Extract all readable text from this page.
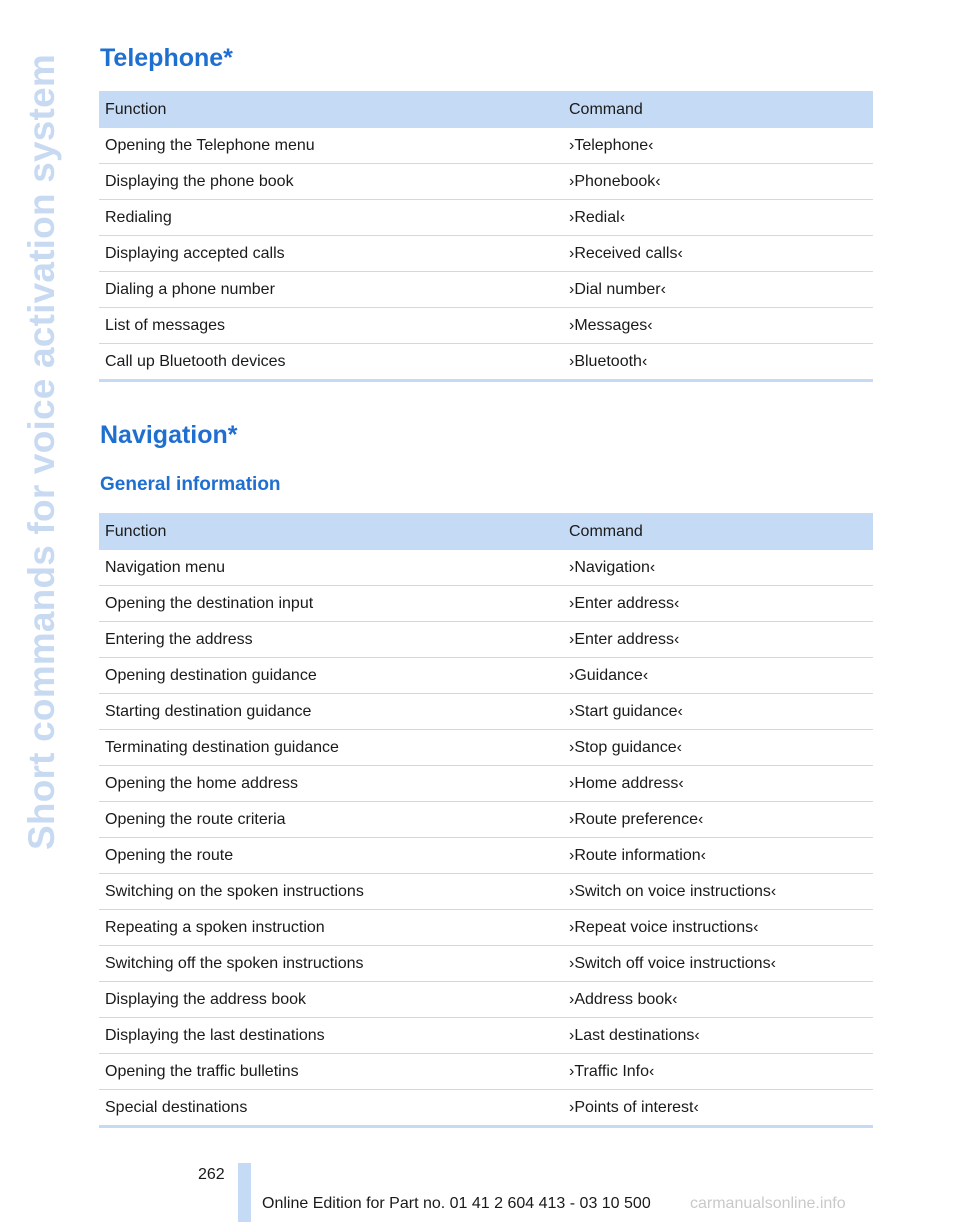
Short commands for voice activation system Telephone*
Function	Command
Opening the Telephone menu	›Telephone‹
Displaying the phone book	›Phonebook‹
Redialing	›Redial‹
Displaying accepted calls	›Received calls‹
Dialing a phone number	›Dial number‹
List of messages	›Messages‹
Call up Bluetooth devices	›Bluetooth‹
Navigation*
General information
Function	Command
Navigation menu	›Navigation‹
Opening the destination input	›Enter address‹
Entering the address	›Enter address‹
Opening destination guidance	›Guidance‹
Starting destination guidance	›Start guidance‹
Terminating destination guidance	›Stop guidance‹
Opening the home address	›Home address‹
Opening the route criteria	›Route preference‹
Opening the route	›Route information‹
Switching on the spoken instructions	›Switch on voice instructions‹
Repeating a spoken instruction	›Repeat voice instructions‹
Switching off the spoken instructions	›Switch off voice instructions‹
Displaying the address book	›Address book‹
Displaying the last destinations	›Last destinations‹
Opening the traffic bulletins	›Traffic Info‹
Special destinations	›Points of interest‹
262
Online Edition for Part no. 01 41 2 604 413 - 03 10 500 carmanualsonline.info
